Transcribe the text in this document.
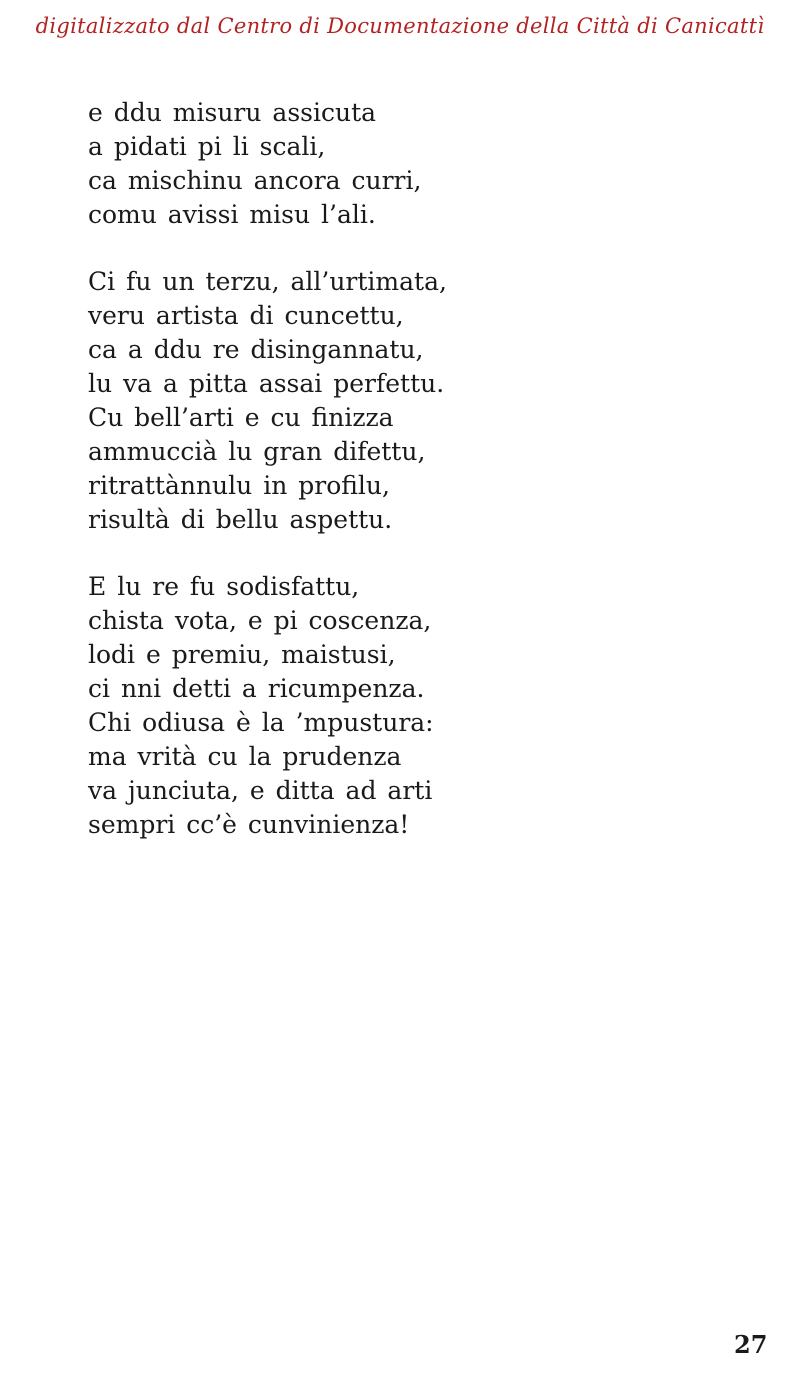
digitalizzato dal Centro di Documentazione della Città di Canicattì
e ddu misuru assicuta
a pidati pi li scali,
ca mischinu ancora curri,
comu avissi misu l’ali.
Ci fu un terzu, all’urtimata,
veru artista di cuncettu,
ca a ddu re disingannatu,
lu va a pitta assai perfettu.
Cu bell’arti e cu finizza
ammuccià lu gran difettu,
ritrattànnulu in profilu,
risultà di bellu aspettu.
E lu re fu sodisfattu,
chista vota, e pi coscenza,
lodi e premiu, maistusi,
ci nni detti a ricumpenza.
Chi odiusa è la ’mpustura:
ma vrità cu la prudenza
va junciuta, e ditta ad arti
sempri cc’è cunvinienza!
27
